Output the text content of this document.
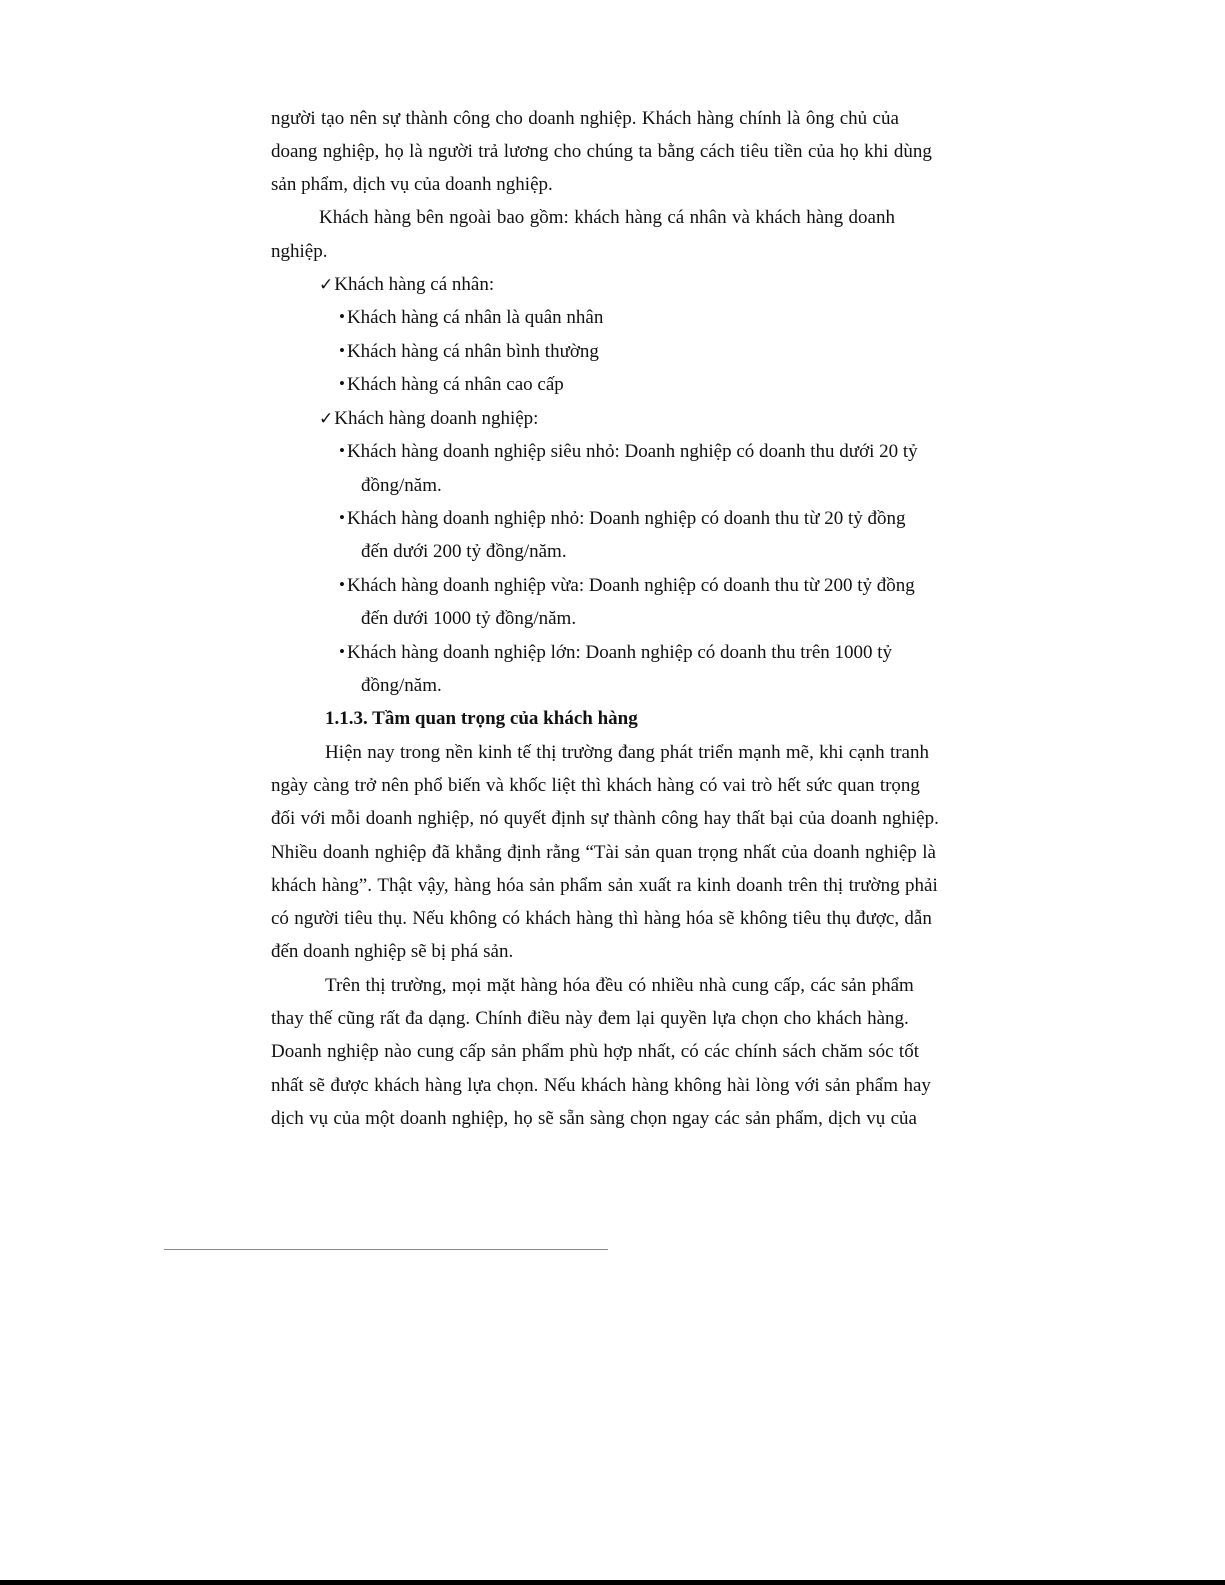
người tạo nên sự thành công cho doanh nghiệp. Khách hàng chính là ông chủ của
doang nghiệp, họ là người trả lương cho chúng ta bằng cách tiêu tiền của họ khi dùng
sản phẩm, dịch vụ của doanh nghiệp.
Khách hàng bên ngoài bao gồm: khách hàng cá nhân và khách hàng doanh
nghiệp.
✓Khách hàng cá nhân:
• Khách hàng cá nhân là quân nhân
• Khách hàng cá nhân bình thường
• Khách hàng cá nhân cao cấp
✓Khách hàng doanh nghiệp:
• Khách hàng doanh nghiệp siêu nhỏ: Doanh nghiệp có doanh thu dưới 20 tỷ
đồng/năm.
• Khách hàng doanh nghiệp nhỏ: Doanh nghiệp có doanh thu từ 20 tỷ đồng
đến dưới 200 tỷ đồng/năm.
• Khách hàng doanh nghiệp vừa: Doanh nghiệp có doanh thu từ 200 tỷ đồng
đến dưới 1000 tỷ đồng/năm.
• Khách hàng doanh nghiệp lớn: Doanh nghiệp có doanh thu trên 1000 tỷ
đồng/năm.
1.1.3. Tầm quan trọng của khách hàng
Hiện nay trong nền kinh tế thị trường đang phát triển mạnh mẽ, khi cạnh tranh
ngày càng trở nên phổ biến và khốc liệt thì khách hàng có vai trò hết sức quan trọng
đối với mỗi doanh nghiệp, nó quyết định sự thành công hay thất bại của doanh nghiệp.
Nhiều doanh nghiệp đã khẳng định rằng “Tài sản quan trọng nhất của doanh nghiệp là
khách hàng”. Thật vậy, hàng hóa sản phẩm sản xuất ra kinh doanh trên thị trường phải
có người tiêu thụ. Nếu không có khách hàng thì hàng hóa sẽ không tiêu thụ được, dẫn
đến doanh nghiệp sẽ bị phá sản.
Trên thị trường, mọi mặt hàng hóa đều có nhiều nhà cung cấp, các sản phẩm
thay thế cũng rất đa dạng. Chính điều này đem lại quyền lựa chọn cho khách hàng.
Doanh nghiệp nào cung cấp sản phẩm phù hợp nhất, có các chính sách chăm sóc tốt
nhất sẽ được khách hàng lựa chọn. Nếu khách hàng không hài lòng với sản phẩm hay
dịch vụ của một doanh nghiệp, họ sẽ sẵn sàng chọn ngay các sản phẩm, dịch vụ của
